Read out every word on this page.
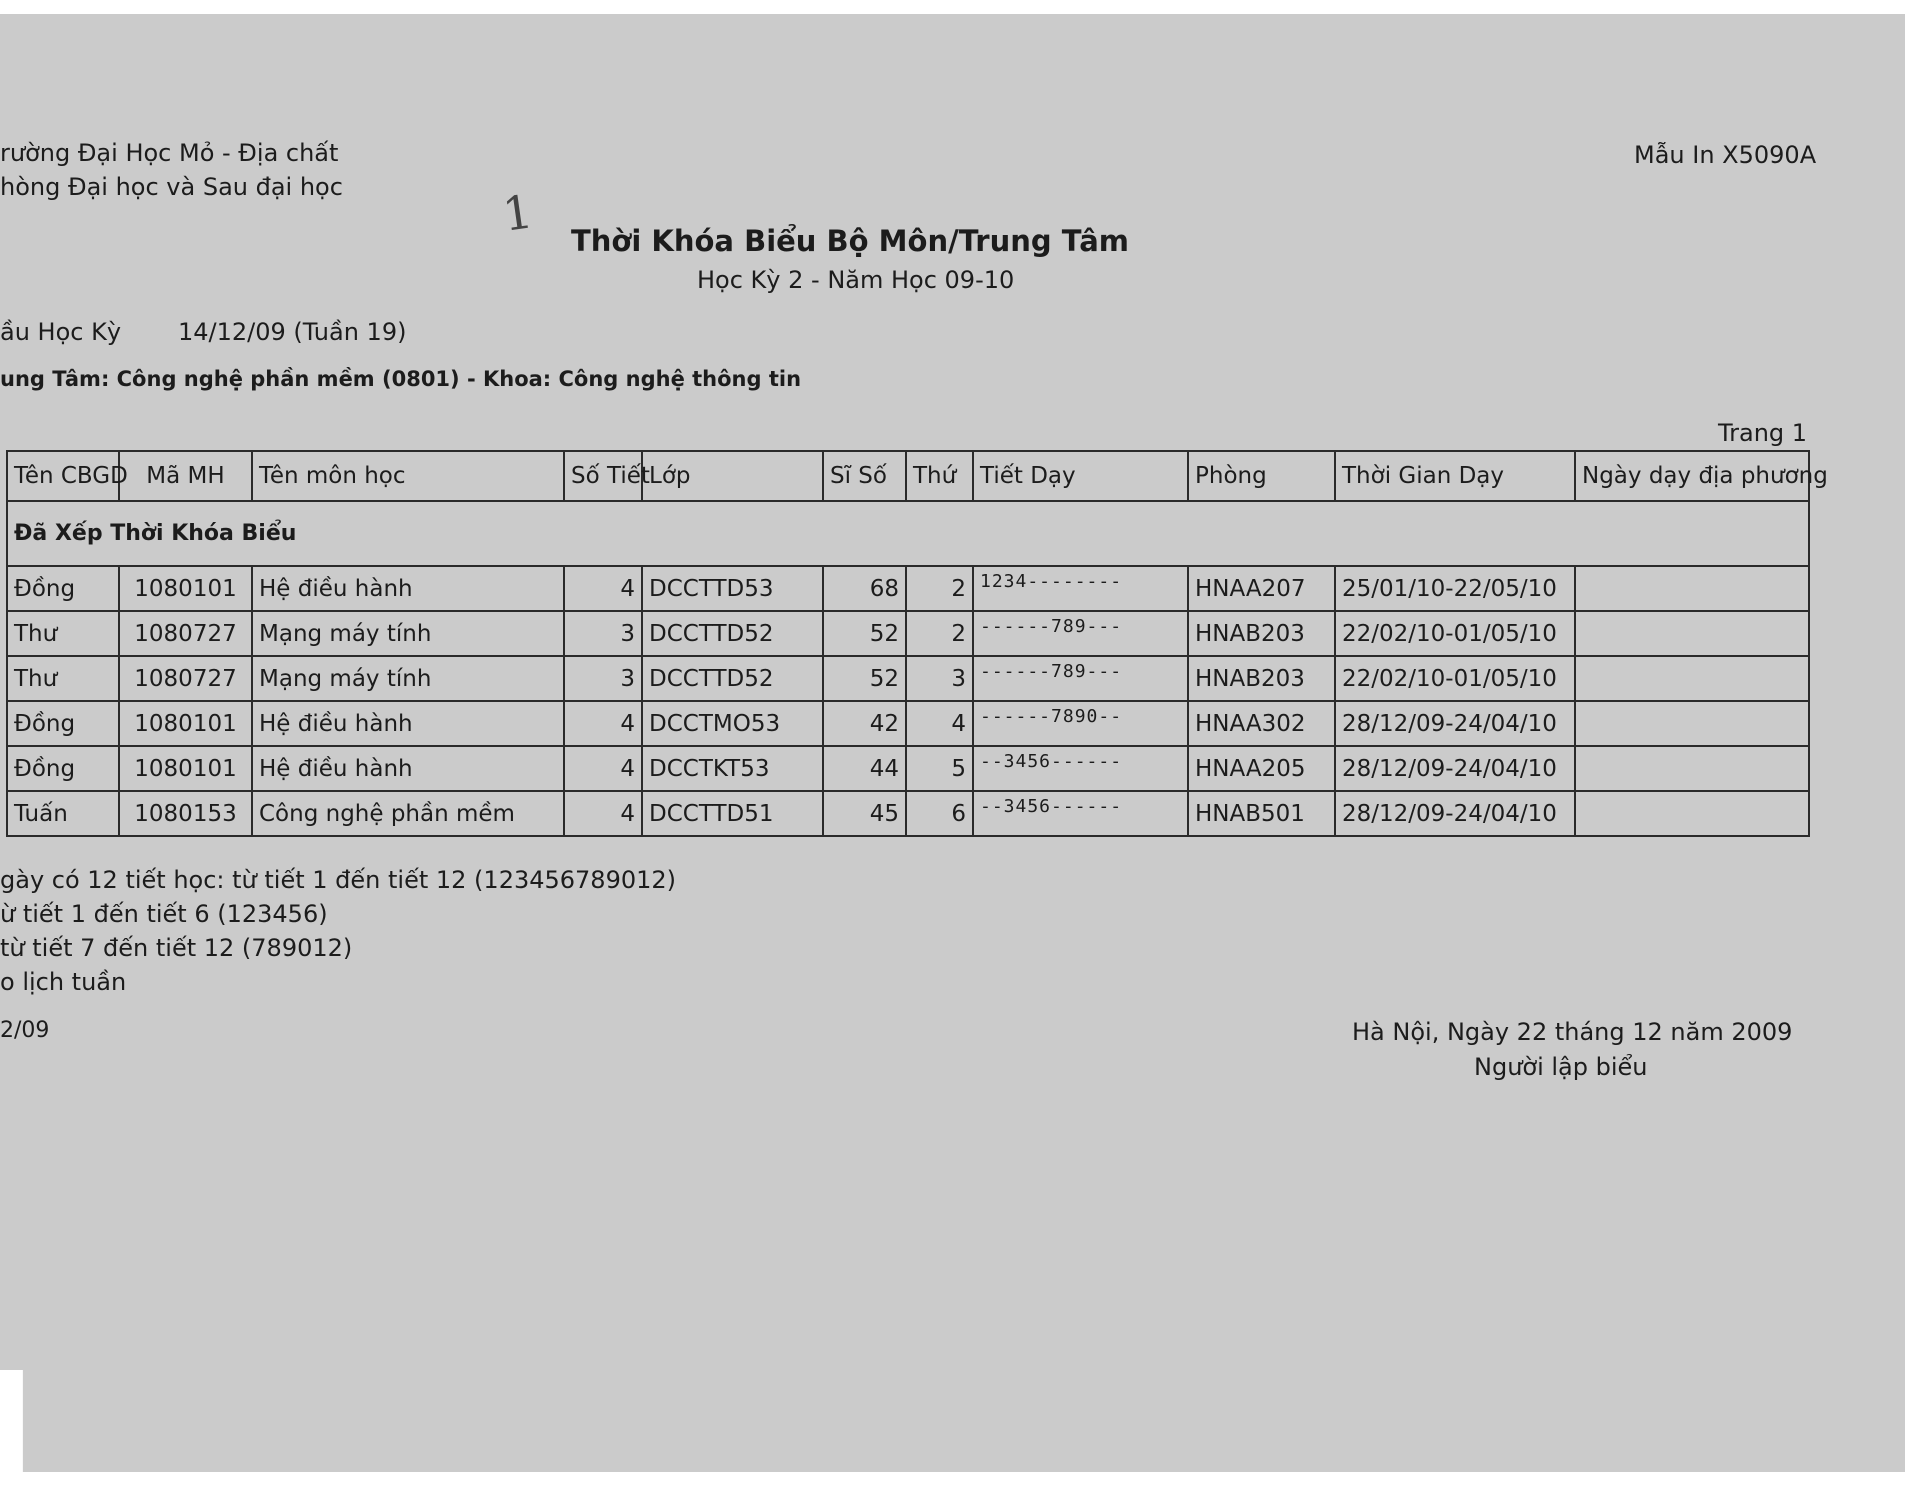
rường Đại Học Mỏ - Địa chất
hòng Đại học và Sau đại học
Mẫu In X5090A
1 Thời Khóa Biểu Bộ Môn/Trung Tâm
Học Kỳ 2 - Năm Học 09-10
ầu Học Kỳ 14/12/09 (Tuần 19)
ung Tâm: Công nghệ phần mềm (0801) - Khoa: Công nghệ thông tin
Trang 1
Tên CBGD	Mã MH	Tên môn học	Số Tiết	Lớp	Sĩ Số	Thứ	Tiết Dạy	Phòng	Thời Gian Dạy	Ngày dạy địa phương
Đã Xếp Thời Khóa Biểu										
Đồng	1080101	Hệ điều hành	4	DCCTTD53	68	2	1234--------	HNAA207	25/01/10-22/05/10	
Thư	1080727	Mạng máy tính	3	DCCTTD52	52	2	------789---	HNAB203	22/02/10-01/05/10	
Thư	1080727	Mạng máy tính	3	DCCTTD52	52	3	------789---	HNAB203	22/02/10-01/05/10	
Đồng	1080101	Hệ điều hành	4	DCCTMO53	42	4	------7890--	HNAA302	28/12/09-24/04/10	
Đồng	1080101	Hệ điều hành	4	DCCTKT53	44	5	--3456------	HNAA205	28/12/09-24/04/10	
Tuấn	1080153	Công nghệ phần mềm	4	DCCTTD51	45	6	--3456------	HNAB501	28/12/09-24/04/10	
gày có 12 tiết học: từ tiết 1 đến tiết 12 (123456789012)
ừ tiết 1 đến tiết 6 (123456)
từ tiết 7 đến tiết 12 (789012)
o lịch tuần
2/09	Hà Nội, Ngày 22 tháng 12 năm 2009
Người lập biểu
